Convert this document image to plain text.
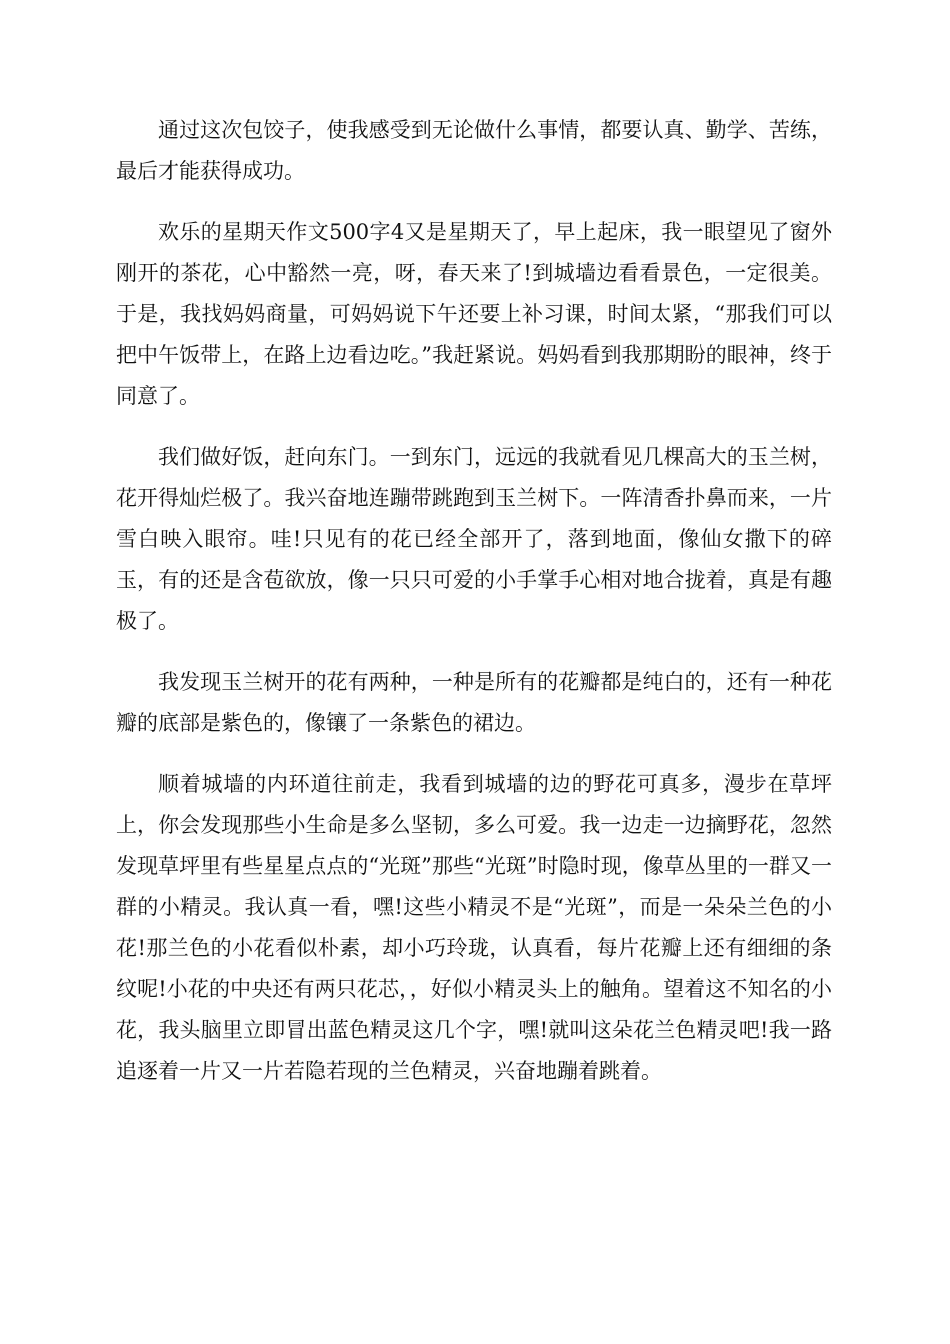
通过这次包饺子，使我感受到无论做什么事情，都要认真、勤学、苦练，最后才能获得成功。

欢乐的星期天作文500字4又是星期天了，早上起床，我一眼望见了窗外刚开的茶花，心中豁然一亮，呀，春天来了!到城墙边看看景色，一定很美。于是，我找妈妈商量，可妈妈说下午还要上补习课，时间太紧，“那我们可以把中午饭带上，在路上边看边吃。”我赶紧说。妈妈看到我那期盼的眼神，终于同意了。

我们做好饭，赶向东门。一到东门，远远的我就看见几棵高大的玉兰树，花开得灿烂极了。我兴奋地连蹦带跳跑到玉兰树下。一阵清香扑鼻而来，一片雪白映入眼帘。哇!只见有的花已经全部开了，落到地面，像仙女撒下的碎玉，有的还是含苞欲放，像一只只可爱的小手掌手心相对地合拢着，真是有趣极了。

我发现玉兰树开的花有两种，一种是所有的花瓣都是纯白的，还有一种花瓣的底部是紫色的，像镶了一条紫色的裙边。

顺着城墙的内环道往前走，我看到城墙的边的野花可真多，漫步在草坪上，你会发现那些小生命是多么坚韧，多么可爱。我一边走一边摘野花，忽然发现草坪里有些星星点点的“光斑”那些“光斑”时隐时现，像草丛里的一群又一群的小精灵。我认真一看，嘿!这些小精灵不是“光斑”，而是一朵朵兰色的小花!那兰色的小花看似朴素，却小巧玲珑，认真看，每片花瓣上还有细细的条纹呢!小花的中央还有两只花芯，，好似小精灵头上的触角。望着这不知名的小花，我头脑里立即冒出蓝色精灵这几个字，嘿!就叫这朵花兰色精灵吧!我一路追逐着一片又一片若隐若现的兰色精灵，兴奋地蹦着跳着。
